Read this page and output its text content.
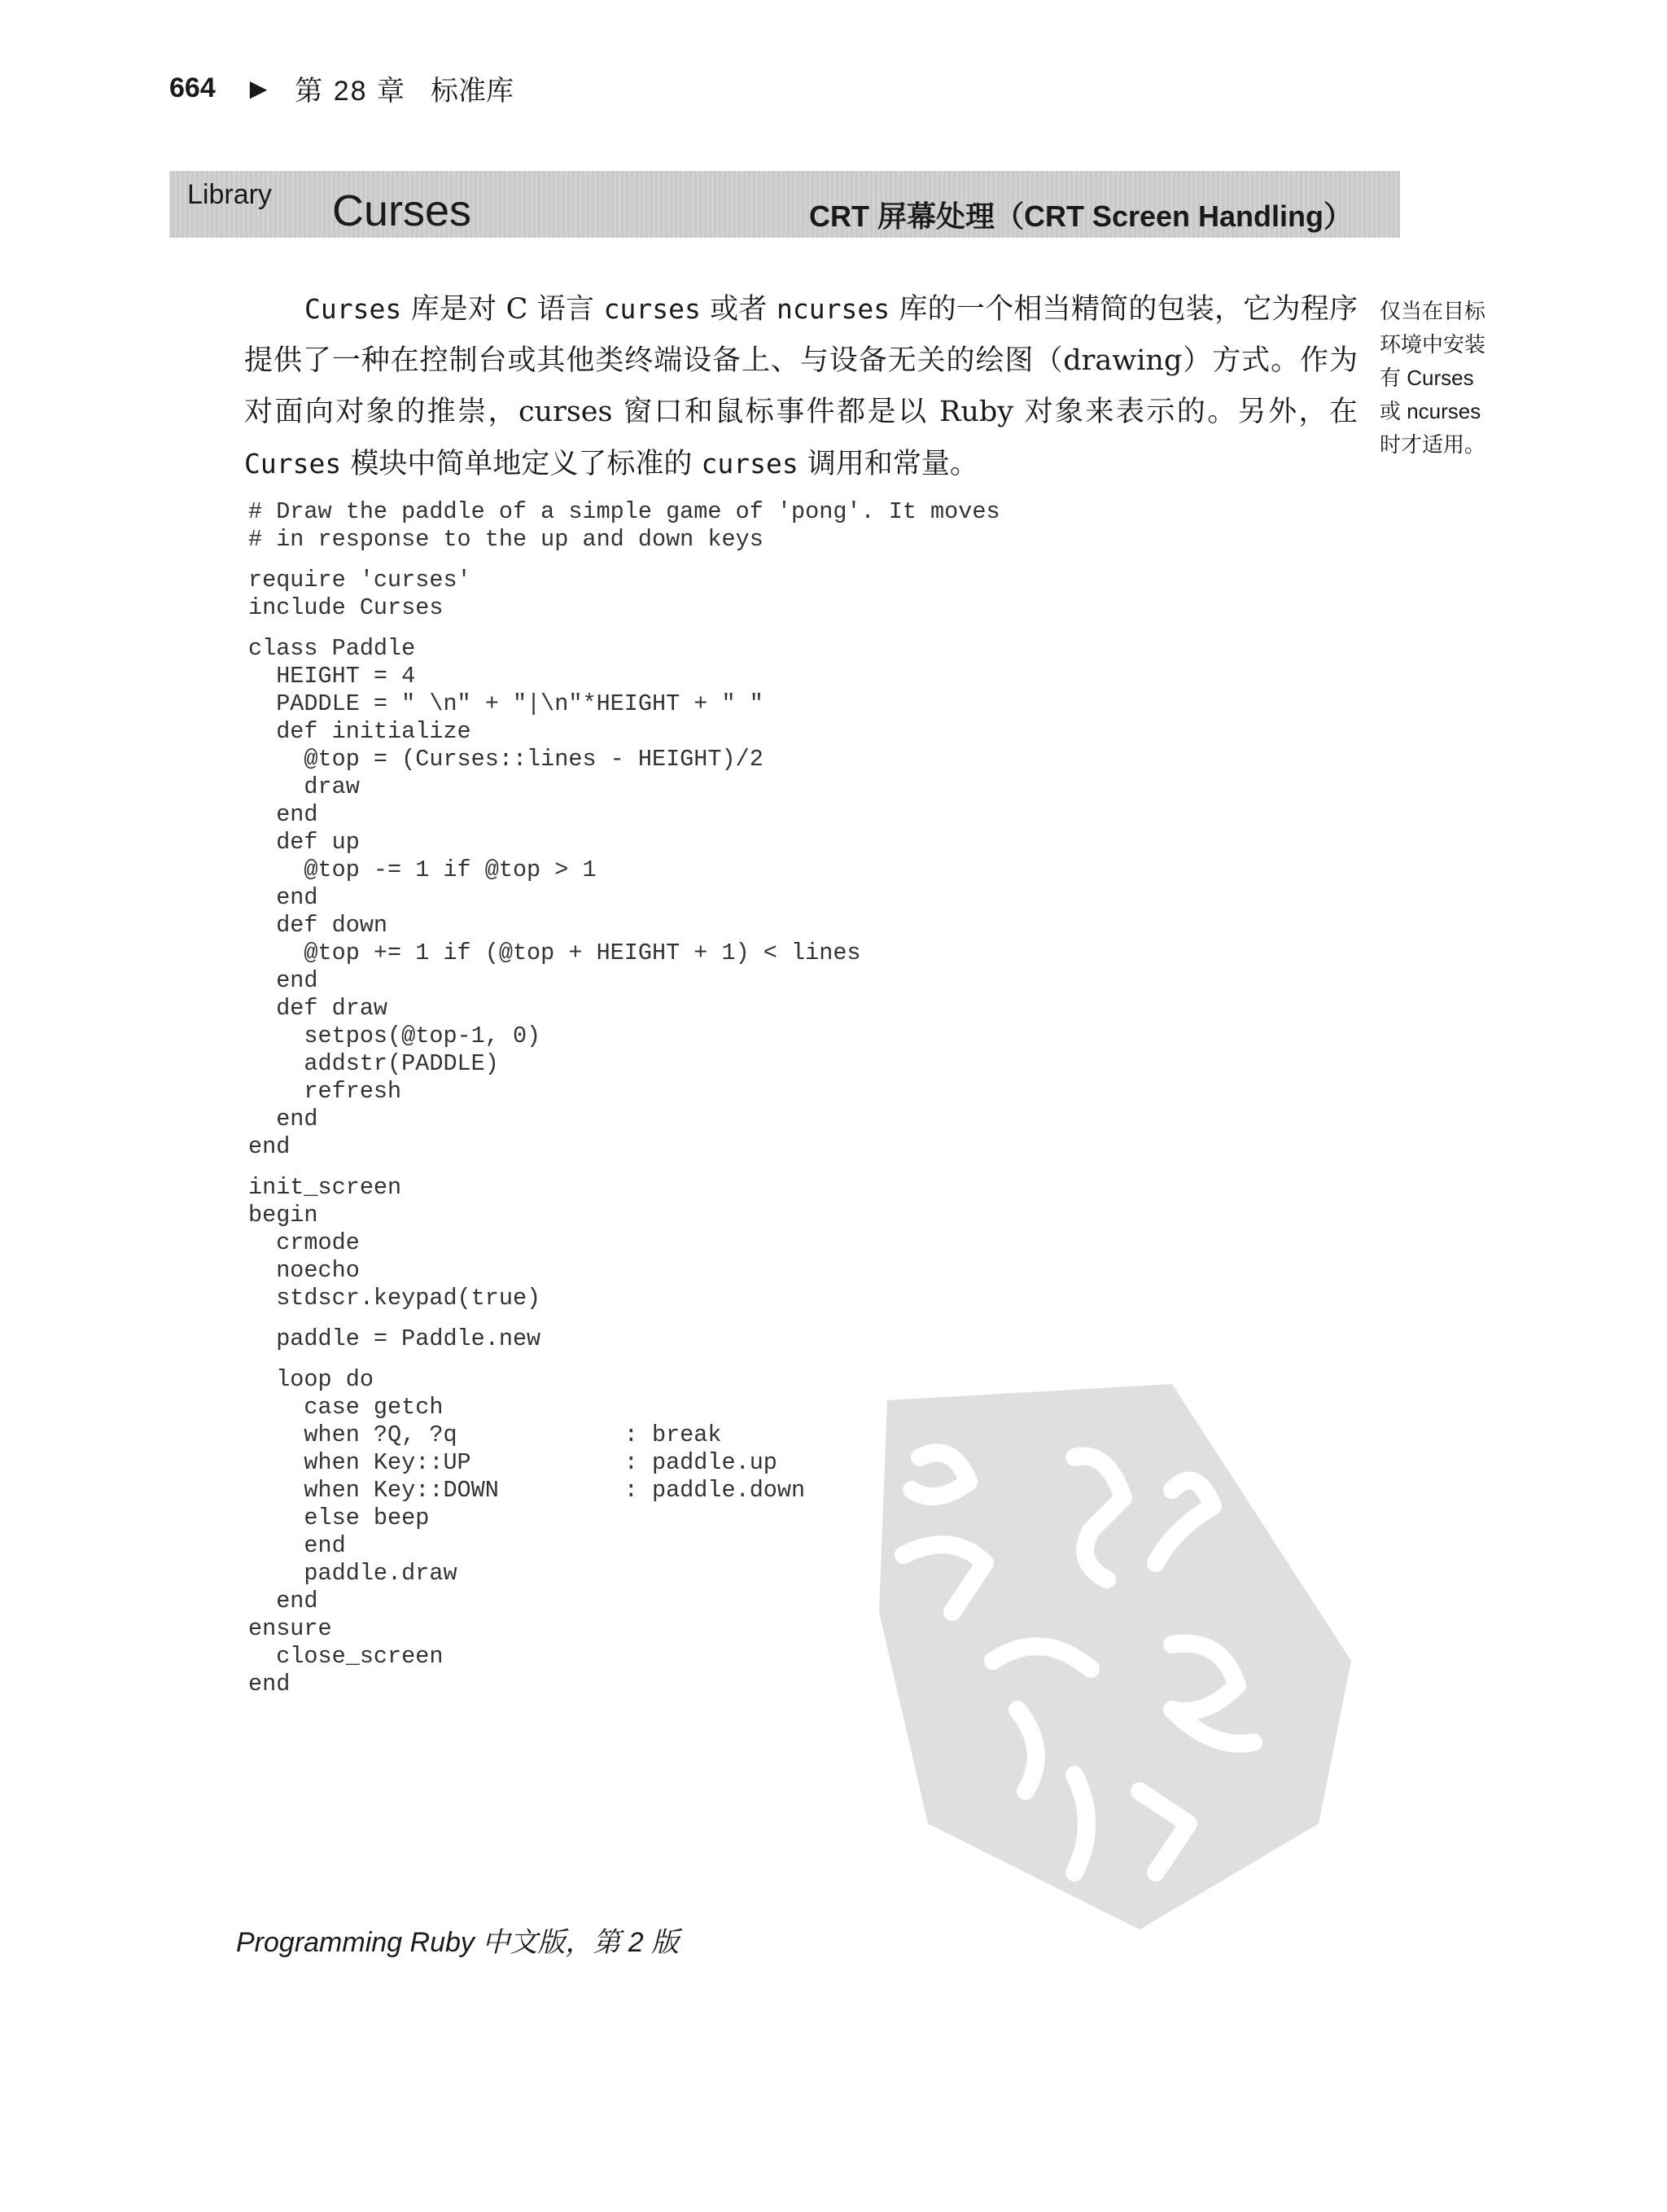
664 ▶ 第 28 章 标准库
Library Curses	CRT 屏幕处理（CRT Screen Handling）

Curses 库是对 C 语言 curses 或者 ncurses 库的一个相当精简的包装，它为程序提供了一种在控制台或其他类终端设备上、与设备无关的绘图（drawing）方式。作为对面向对象的推崇，curses 窗口和鼠标事件都是以 Ruby 对象来表示的。另外，在 Curses 模块中简单地定义了标准的 curses 调用和常量。

仅当在目标
环境中安装
有 Curses
或 ncurses
时才适用。
# Draw the paddle of a simple game of 'pong'. It moves
# in response to the up and down keys
require 'curses'
include Curses
class Paddle
HEIGHT = 4
PADDLE = " \n" + "|\n"*HEIGHT + " "
def initialize
@top = (Curses::lines - HEIGHT)/2
draw
end
def up
@top -= 1 if @top > 1
end
def down
@top += 1 if (@top + HEIGHT + 1) < lines
end
def draw
setpos(@top-1, 0)
addstr(PADDLE)
refresh
end
end
init_screen
begin
crmode
noecho
stdscr.keypad(true)
paddle = Paddle.new
loop do
case getch
when ?Q, ?q            : break
when Key::UP           : paddle.up
when Key::DOWN         : paddle.down
else beep
end
paddle.draw
end
ensure
close_screen
end
Programming Ruby 中文版，第 2 版
